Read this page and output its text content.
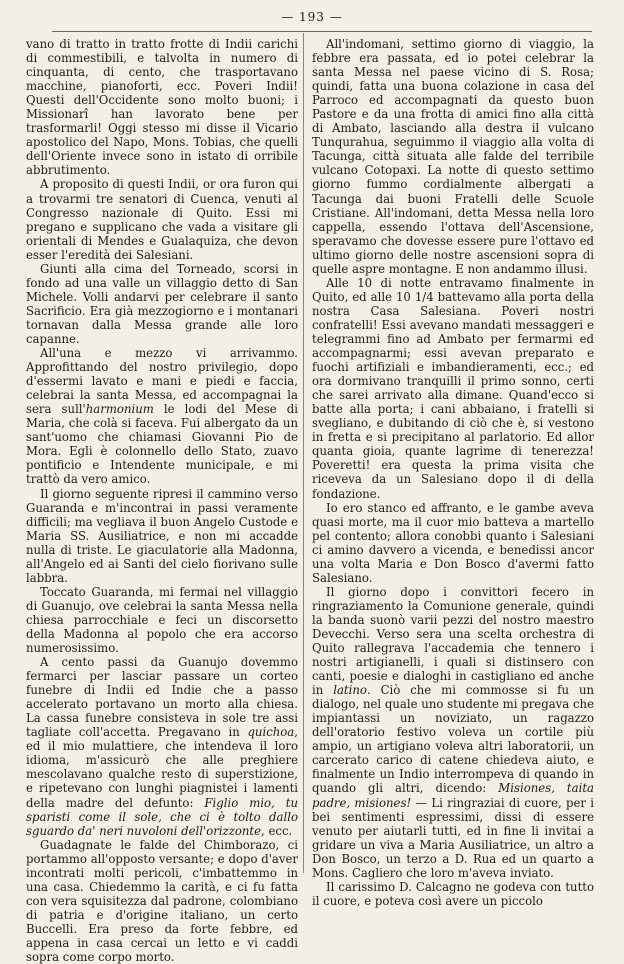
— 193 —

vano di tratto in tratto frotte di Indii carichi di commestibili, e talvolta in numero di cinquanta, di cento, che trasportavano macchine, pianoforti, ecc. Poveri Indii! Questi dell'Occidente sono molto buoni; i Missionarî han lavorato bene per trasformarli! Oggi stesso mi disse il Vicario apostolico del Napo, Mons. Tobias, che quelli dell'Oriente invece sono in istato di orribile abbrutimento.

A proposito di questi Indii, or ora furon qui a trovarmi tre senatori di Cuenca, venuti al Congresso nazionale di Quito. Essi mi pregano e supplicano che vada a visitare gli orientali di Mendes e Gualaquiza, che devon esser l'eredità dei Salesiani.

Giunti alla cima del Torneado, scorsi in fondo ad una valle un villaggio detto di San Michele. Volli andarvi per celebrare il santo Sacrificio. Era già mezzogiorno e i montanari tornavan dalla Messa grande alle loro capanne.

All'una e mezzo vi arrivammo. Approfittando del nostro privilegio, dopo d'essermi lavato e mani e piedi e faccia, celebrai la santa Messa, ed accompagnai la sera sull'harmonium le lodi del Mese di Maria, che colà si faceva. Fui albergato da un sant'uomo che chiamasi Giovanni Pio de Mora. Egli è colonnello dello Stato, zuavo pontificio e Intendente municipale, e mi trattò da vero amico.

Il giorno seguente ripresi il cammino verso Guaranda e m'incontrai in passi veramente difficili; ma vegliava il buon Angelo Custode e Maria SS. Ausiliatrice, e non mi accadde nulla di triste. Le giaculatorie alla Madonna, all'Angelo ed ai Santi del cielo fiorivano sulle labbra.

Toccato Guaranda, mi fermai nel villaggio di Guanujo, ove celebrai la santa Messa nella chiesa parrocchiale e feci un discorsetto della Madonna al popolo che era accorso numerosissimo.

A cento passi da Guanujo dovemmo fermarci per lasciar passare un corteo funebre di Indii ed Indie che a passo accelerato portavano un morto alla chiesa. La cassa funebre consisteva in sole tre assi tagliate coll'accetta. Pregavano in quichoa, ed il mio mulattiere, che intendeva il loro idioma, m'assicurò che alle preghiere mescolavano qualche resto di superstizione, e ripetevano con lunghi piagnistei i lamenti della madre del defunto: Figlio mio, tu sparisti come il sole, che ci è tolto dallo sguardo da' neri nuvoloni dell'orizzonte, ecc.

Guadagnate le falde del Chimborazo, ci portammo all'opposto versante; e dopo d'aver incontrati molti pericoli, c'imbattemmo in una casa. Chiedemmo la carità, e ci fu fatta con vera squisitezza dal padrone, colombiano di patria e d'origine italiano, un certo Buccelli. Era preso da forte febbre, ed appena in casa cercai un letto e vi caddi sopra come corpo morto.

All'indomani, settimo giorno di viaggio, la febbre era passata, ed io potei celebrar la santa Messa nel paese vicino di S. Rosa; quindi, fatta una buona colazione in casa del Parroco ed accompagnati da questo buon Pastore e da una frotta di amici fino alla città di Ambato, lasciando alla destra il vulcano Tunqurahua, seguimmo il viaggio alla volta di Tacunga, città situata alle falde del terribile vulcano Cotopaxi. La notte di questo settimo giorno fummo cordialmente albergati a Tacunga dai buoni Fratelli delle Scuole Cristiane. All'indomani, detta Messa nella loro cappella, essendo l'ottava dell'Ascensione, speravamo che dovesse essere pure l'ottavo ed ultimo giorno delle nostre ascensioni sopra di quelle aspre montagne. E non andammo illusi.

Alle 10 di notte entravamo finalmente in Quito, ed alle 10 1/4 battevamo alla porta della nostra Casa Salesiana. Poveri nostri confratelli! Essi avevano mandati messaggeri e telegrammi fino ad Ambato per fermarmi ed accompagnarmi; essi avevan preparato e fuochi artifiziali e imbandieramenti, ecc.; ed ora dormivano tranquilli il primo sonno, certi che sarei arrivato alla dimane. Quand'ecco si batte alla porta; i cani abbaiano, i fratelli si svegliano, e dubitando di ciò che è, si vestono in fretta e si precipitano al parlatorio. Ed allor quanta gioia, quante lagrime di tenerezza! Poveretti! era questa la prima visita che riceveva da un Salesiano dopo il di della fondazione.

Io ero stanco ed affranto, e le gambe aveva quasi morte, ma il cuor mio batteva a martello pel contento; allora conobbi quanto i Salesiani ci amino davvero a vicenda, e benedissi ancor una volta Maria e Don Bosco d'avermi fatto Salesiano.

Il giorno dopo i convittori fecero in ringraziamento la Comunione generale, quindi la banda suonò varii pezzi del nostro maestro Devecchi. Verso sera una scelta orchestra di Quito rallegrava l'accademia che tennero i nostri artigianelli, i quali si distinsero con canti, poesie e dialoghi in castigliano ed anche in latino. Ciò che mi commosse si fu un dialogo, nel quale uno studente mi pregava che impiantassi un noviziato, un ragazzo dell'oratorio festivo voleva un cortile più ampio, un artigiano voleva altri laboratorii, un carcerato carico di catene chiedeva aiuto, e finalmente un Indio interrompeva di quando in quando gli altri, dicendo: Misiones, taita padre, misiones! — Li ringraziai di cuore, per i bei sentimenti espressimi, dissi di essere venuto per aiutarli tutti, ed in fine li invitai a gridare un viva a Maria Ausiliatrice, un altro a Don Bosco, un terzo a D. Rua ed un quarto a Mons. Cagliero che loro m'aveva inviato.

Il carissimo D. Calcagno ne godeva con tutto il cuore, e poteva così avere un piccolo
